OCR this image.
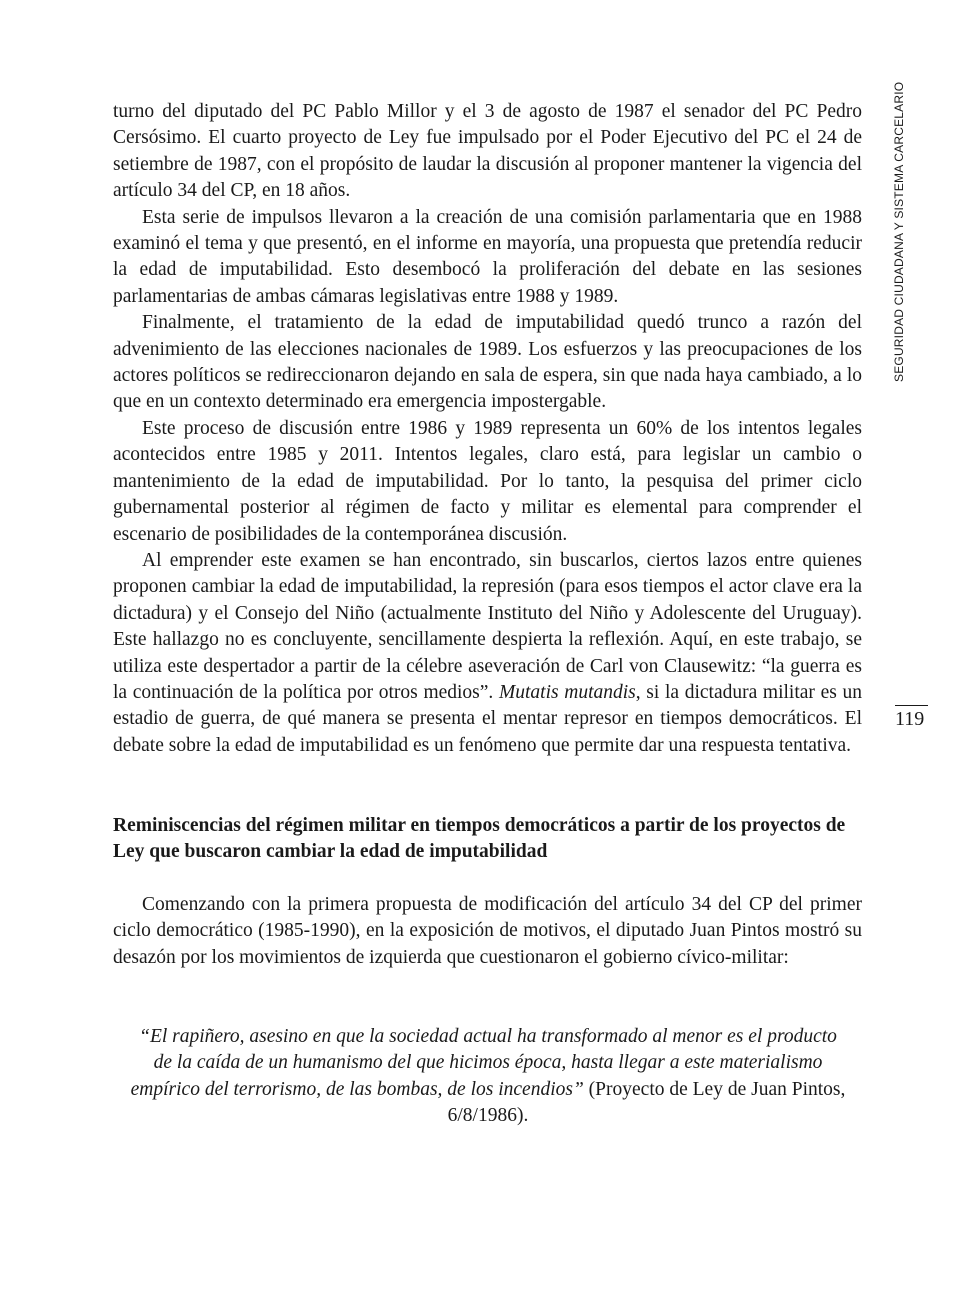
SEGURIDAD CIUDADANA Y SISTEMA CARCELARIO
119

turno del diputado del PC Pablo Millor y el 3 de agosto de 1987 el senador del PC Pedro Cersósimo. El cuarto proyecto de Ley fue impulsado por el Poder Ejecutivo del PC el 24 de setiembre de 1987, con el propósito de laudar la discusión al proponer mantener la vigencia del artículo 34 del CP, en 18 años.

Esta serie de impulsos llevaron a la creación de una comisión parlamentaria que en 1988 examinó el tema y que presentó, en el informe en mayoría, una propuesta que pretendía reducir la edad de imputabilidad. Esto desembocó la proliferación del debate en las sesiones parlamentarias de ambas cámaras legislativas entre 1988 y 1989.

Finalmente, el tratamiento de la edad de imputabilidad quedó trunco a razón del advenimiento de las elecciones nacionales de 1989. Los esfuerzos y las preocupaciones de los actores políticos se redireccionaron dejando en sala de espera, sin que nada haya cambiado, a lo que en un contexto determinado era emergencia impostergable.

Este proceso de discusión entre 1986 y 1989 representa un 60% de los intentos legales acontecidos entre 1985 y 2011. Intentos legales, claro está, para legislar un cambio o mantenimiento de la edad de imputabilidad. Por lo tanto, la pesquisa del primer ciclo gubernamental posterior al régimen de facto y militar es elemental para comprender el escenario de posibilidades de la contemporánea discusión.

Al emprender este examen se han encontrado, sin buscarlos, ciertos lazos entre quienes proponen cambiar la edad de imputabilidad, la represión (para esos tiempos el actor clave era la dictadura) y el Consejo del Niño (actualmente Instituto del Niño y Adolescente del Uruguay). Este hallazgo no es concluyente, sencillamente despierta la reflexión. Aquí, en este trabajo, se utiliza este despertador a partir de la célebre aseveración de Carl von Clausewitz: “la guerra es la continuación de la política por otros medios”. Mutatis mutandis, si la dictadura militar es un estadio de guerra, de qué manera se presenta el mentar represor en tiempos democráticos. El debate sobre la edad de imputabilidad es un fenómeno que permite dar una respuesta tentativa.

Reminiscencias del régimen militar en tiempos democráticos a partir de los proyectos de Ley que buscaron cambiar la edad de imputabilidad

Comenzando con la primera propuesta de modificación del artículo 34 del CP del primer ciclo democrático (1985-1990), en la exposición de motivos, el diputado Juan Pintos mostró su desazón por los movimientos de izquierda que cuestionaron el gobierno cívico-militar:

“El rapiñero, asesino en que la sociedad actual ha transformado al menor es el producto de la caída de un humanismo del que hicimos época, hasta llegar a este materialismo empírico del terrorismo, de las bombas, de los incendios” (Proyecto de Ley de Juan Pintos, 6/8/1986).
